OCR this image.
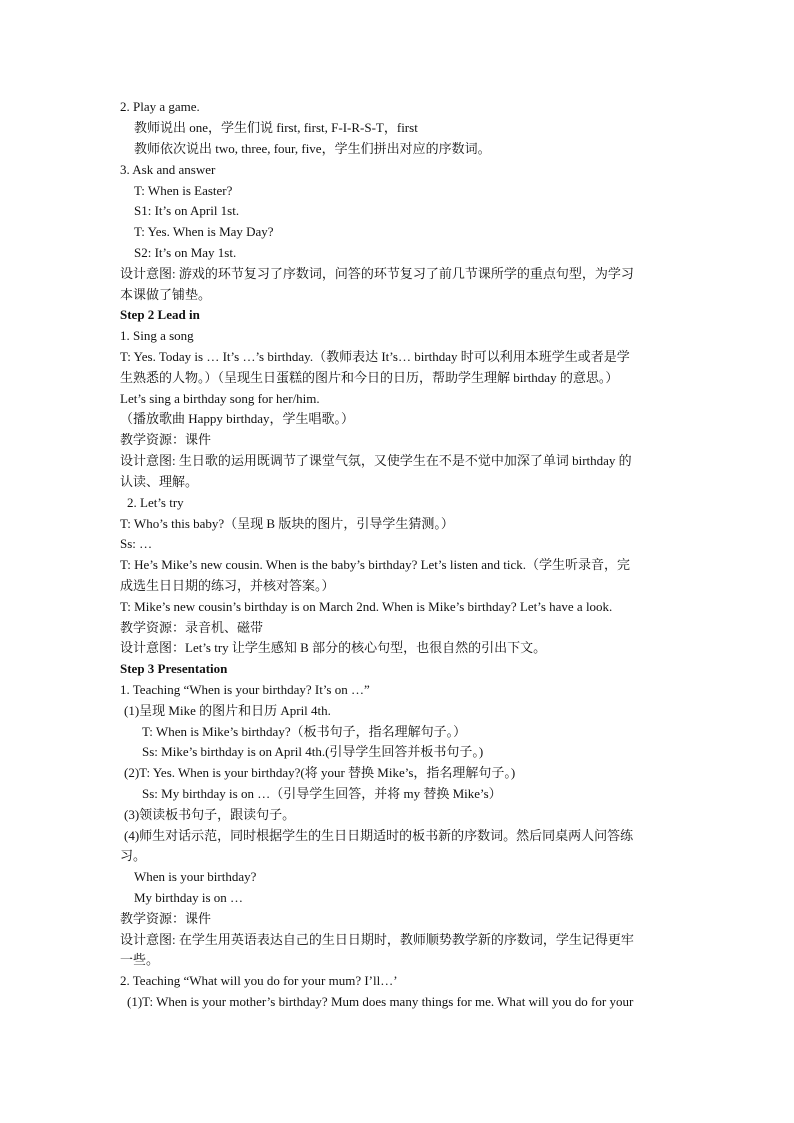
2. Play a game.
教师说出 one，学生们说 first, first, F-I-R-S-T，first
教师依次说出 two, three, four, five，学生们拼出对应的序数词。
3. Ask and answer
T: When is Easter?
S1: It’s on April 1st.
T: Yes. When is May Day?
S2: It’s on May 1st.
设计意图: 游戏的环节复习了序数词，问答的环节复习了前几节课所学的重点句型，为学习
本课做了铺垫。
Step 2 Lead in
1. Sing a song
T: Yes. Today is … It’s …’s birthday.（教师表达 It’s… birthday 时可以利用本班学生或者是学
生熟悉的人物。）（呈现生日蛋糕的图片和今日的日历，帮助学生理解 birthday 的意思。）
Let’s sing a birthday song for her/him.
（播放歌曲 Happy birthday，学生唱歌。）
教学资源：课件
设计意图: 生日歌的运用既调节了课堂气氛，又使学生在不是不觉中加深了单词 birthday 的
认读、理解。
2. Let’s try
T: Who’s this baby?（呈现 B 版块的图片，引导学生猜测。）
Ss: …
T: He’s Mike’s new cousin. When is the baby’s birthday? Let’s listen and tick.（学生听录音，完
成选生日日期的练习，并核对答案。）
T: Mike’s new cousin’s birthday is on March 2nd. When is Mike’s birthday? Let’s have a look.
教学资源：录音机、磁带
设计意图：Let’s try 让学生感知 B 部分的核心句型，也很自然的引出下文。
Step 3 Presentation
1. Teaching “When is your birthday? It’s on …”
(1)呈现 Mike 的图片和日历 April 4th.
T: When is Mike’s birthday?（板书句子，指名理解句子。）
Ss: Mike’s birthday is on April 4th.(引导学生回答并板书句子。)
(2)T: Yes. When is your birthday?(将 your 替换 Mike’s，指名理解句子。)
Ss: My birthday is on …（引导学生回答，并将 my 替换 Mike’s）
(3)领读板书句子，跟读句子。
(4)师生对话示范，同时根据学生的生日日期适时的板书新的序数词。然后同桌两人问答练
习。
When is your birthday?
My birthday is on …
教学资源：课件
设计意图: 在学生用英语表达自己的生日日期时，教师顺势教学新的序数词，学生记得更牢
一些。
2. Teaching “What will you do for your mum? I’ll…’
(1)T: When is your mother’s birthday? Mum does many things for me. What will you do for your
